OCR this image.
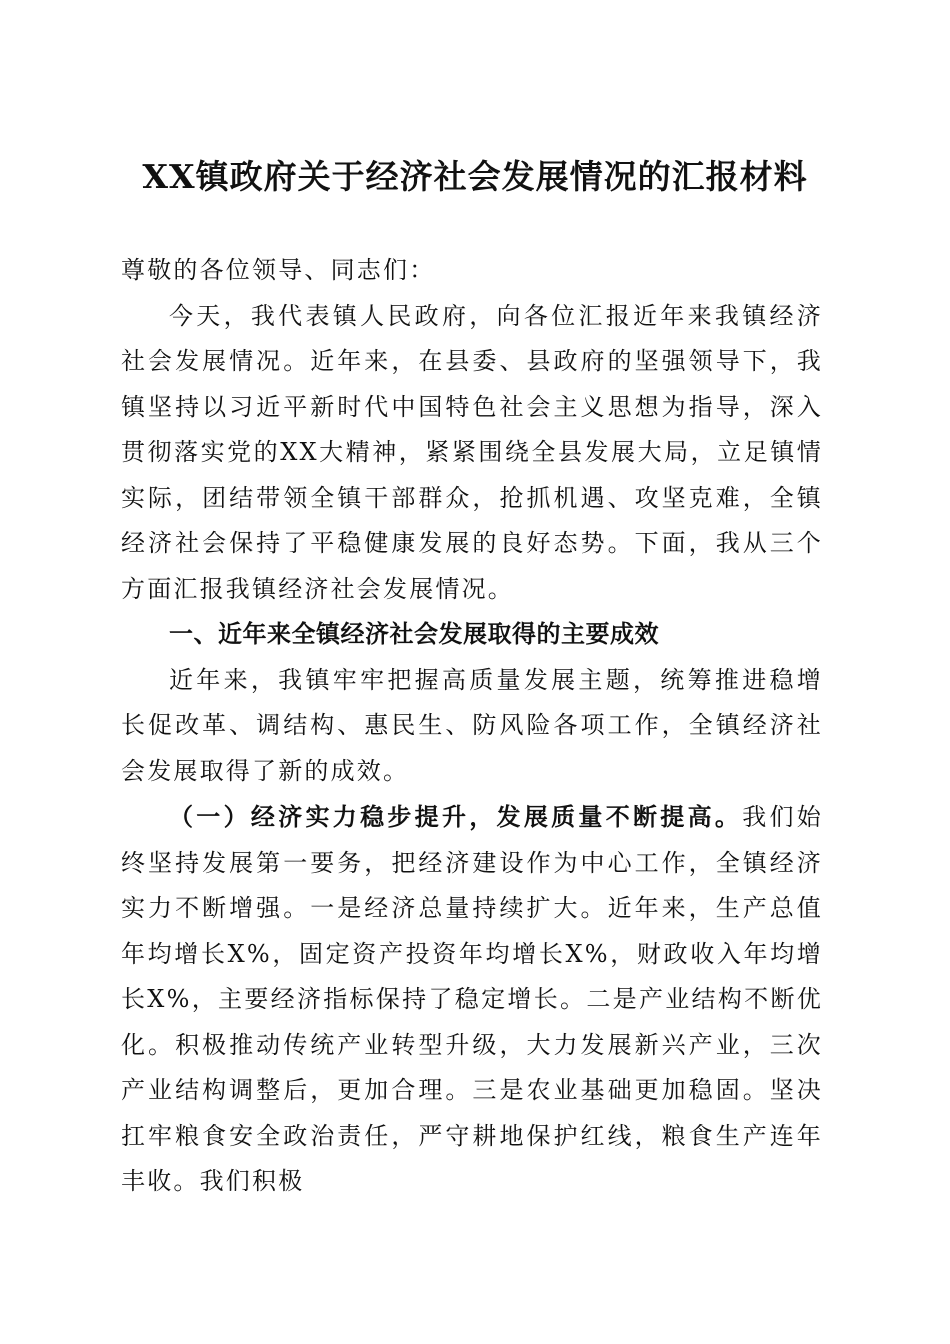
XX镇政府关于经济社会发展情况的汇报材料

尊敬的各位领导、同志们：

今天，我代表镇人民政府，向各位汇报近年来我镇经济社会发展情况。近年来，在县委、县政府的坚强领导下，我镇坚持以习近平新时代中国特色社会主义思想为指导，深入贯彻落实党的XX大精神，紧紧围绕全县发展大局，立足镇情实际，团结带领全镇干部群众，抢抓机遇、攻坚克难，全镇经济社会保持了平稳健康发展的良好态势。下面，我从三个方面汇报我镇经济社会发展情况。

一、近年来全镇经济社会发展取得的主要成效

近年来，我镇牢牢把握高质量发展主题，统筹推进稳增长促改革、调结构、惠民生、防风险各项工作，全镇经济社会发展取得了新的成效。

（一）经济实力稳步提升，发展质量不断提高。我们始终坚持发展第一要务，把经济建设作为中心工作，全镇经济实力不断增强。一是经济总量持续扩大。近年来，生产总值年均增长X%，固定资产投资年均增长X%，财政收入年均增长X%，主要经济指标保持了稳定增长。二是产业结构不断优化。积极推动传统产业转型升级，大力发展新兴产业，三次产业结构调整后，更加合理。三是农业基础更加稳固。坚决扛牢粮食安全政治责任，严守耕地保护红线，粮食生产连年丰收。我们积极
